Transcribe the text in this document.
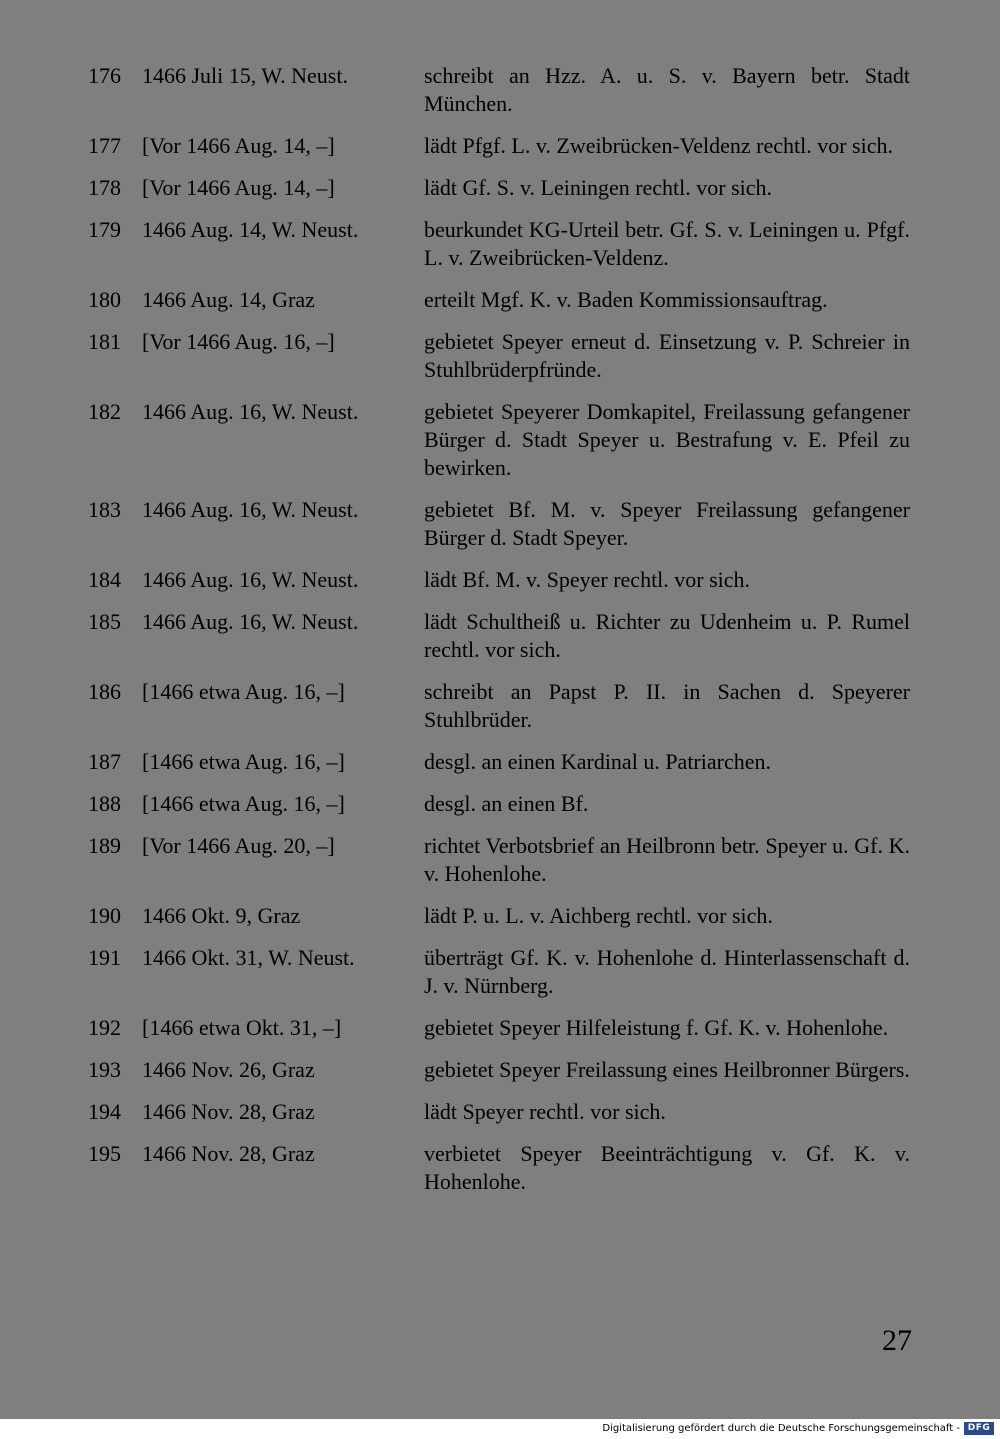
176 1466 Juli 15, W. Neust.	schreibt an Hzz. A. u. S. v. Bayern betr. Stadt München.
177 [Vor 1466 Aug. 14, –]	lädt Pfgf. L. v. Zweibrücken-Veldenz rechtl. vor sich.
178 [Vor 1466 Aug. 14, –]	lädt Gf. S. v. Leiningen rechtl. vor sich.
179 1466 Aug. 14, W. Neust.	beurkundet KG-Urteil betr. Gf. S. v. Leiningen u. Pfgf. L. v. Zweibrücken-Veldenz.
180 1466 Aug. 14, Graz	erteilt Mgf. K. v. Baden Kommissionsauftrag.
181 [Vor 1466 Aug. 16, –]	gebietet Speyer erneut d. Einsetzung v. P. Schreier in Stuhlbrüderpfründe.
182 1466 Aug. 16, W. Neust.	gebietet Speyerer Domkapitel, Freilassung gefangener Bürger d. Stadt Speyer u. Bestrafung v. E. Pfeil zu bewirken.
183 1466 Aug. 16, W. Neust.	gebietet Bf. M. v. Speyer Freilassung gefangener Bürger d. Stadt Speyer.
184 1466 Aug. 16, W. Neust.	lädt Bf. M. v. Speyer rechtl. vor sich.
185 1466 Aug. 16, W. Neust.	lädt Schultheiß u. Richter zu Udenheim u. P. Rumel rechtl. vor sich.
186 [1466 etwa Aug. 16, –]	schreibt an Papst P. II. in Sachen d. Speyerer Stuhlbrüder.
187 [1466 etwa Aug. 16, –]	desgl. an einen Kardinal u. Patriarchen.
188 [1466 etwa Aug. 16, –]	desgl. an einen Bf.
189 [Vor 1466 Aug. 20, –]	richtet Verbotsbrief an Heilbronn betr. Speyer u. Gf. K. v. Hohenlohe.
190 1466 Okt. 9, Graz	lädt P. u. L. v. Aichberg rechtl. vor sich.
191 1466 Okt. 31, W. Neust.	überträgt Gf. K. v. Hohenlohe d. Hinterlassenschaft d. J. v. Nürnberg.
192 [1466 etwa Okt. 31, –]	gebietet Speyer Hilfeleistung f. Gf. K. v. Hohenlohe.
193 1466 Nov. 26, Graz	gebietet Speyer Freilassung eines Heilbronner Bürgers.
194 1466 Nov. 28, Graz	lädt Speyer rechtl. vor sich.
195 1466 Nov. 28, Graz	verbietet Speyer Beeinträchtigung v. Gf. K. v. Hohenlohe.
27
Digitalisierung gefördert durch die Deutsche Forschungsgemeinschaft - DFG
